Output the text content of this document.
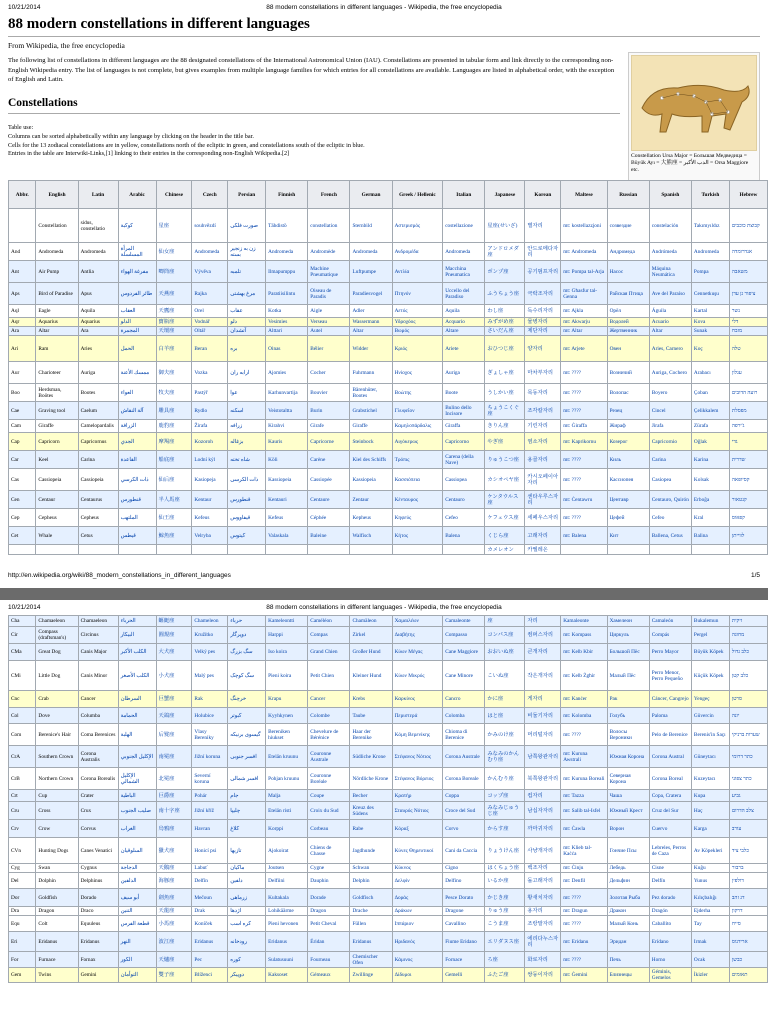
10/21/2014	88 modern constellations in different languages - Wikipedia, the free encyclopedia
88 modern constellations in different languages
From Wikipedia, the free encyclopedia

The following list of constellations in different languages are the 88 designated constellations of the International Astronomical Union (IAU). Constellations are presented in tabular form and link directly to the corresponding non-English Wikipedia entry. The list of languages is not complete, but gives examples from multiple language families for which entries for all constellations are available. Languages are listed in alphabetical order, with the exception of English and Latin.

Constellations
Table use:
Columns can be sorted alphabetically within any language by clicking on the header in the title bar.
Cells for the 13 zodiacal constellations are in yellow, constellations north of the ecliptic in green, and constellations south of the ecliptic in blue.
Entries in the table are Interwiki-Links,[1] linking to their entries in the corresponding non-English Wikipedia.[2]	Constellation Ursa Major = Большая Медведица = Büyük Ayı = 大熊座 = الدب الأكبر = Orsa Maggiore etc.
Abbr.	English	Latin	Arabic	Chinese	Czech	Persian	Finnish	French	German	Greek / Hellenic	Italian	Japanese	Korean	Maltese	Russian	Spanish	Turkish	Hebrew
	Constellation	sidus, constellatio	كوكبة	星座	souhvězdí	صورت فلکی	Tähdistö	constellation	Sternbild	Αστερισμός	costellazione	星座(せいざ)	별자리	mt: kostellazzjoni	созвездие	constelación	Takımyıldız	קבוצת כוכבים
And	Andromeda	Andromeda	المرأة المسلسلة	仙女座	Andromeda	زن به زنجير بسته	Andromeda	Andromède	Andromeda	Ανδρομέδα	Andromeda	アンドロメダ座	안드로메다자리	mt: Andromeda	Андромеда	Andrómeda	Andromeda	אנדרומדה
Ant	Air Pump	Antlia	مفرغة الهواء	唧筒座	Vývěva	تلمبه	Ilmapumppu	Machine Pneumatique	Luftpumpe	Αντλία	Macchina Pneumatica	ポンプ座	공기펌프자리	mt: Pompa tal-Arja	Насос	Máquina Neumática	Pompa	משאבה
Aps	Bird of Paradise	Apus	طائر الفردوس	天燕座	Rajka	مرغ بهشتی	Paratiisilintu	Oiseau de Paradis	Paradiesvogel	Πτηνόν	Uccello del Paradiso	ふうちょう座	극락조자리	mt: Għasfur tal-Genna	Райская Птица	Ave del Paraíso	Cennetkuşu	ציפור גן עדן
Aql	Eagle	Aquila	العقاب	天鷹座	Orel	عقاب	Kotka	Aigle	Adler	Αετός	Aquila	わし座	독수리자리	mt: Ajkla	Орёл	Águila	Kartal	נשר
Aqr	Aquarius	Aquarius	الدلو	寶瓶座	Vodnář	دلو	Vesimies	Verseau	Wassermann	Υδροχόος	Acquario	みずがめ座	물병자리	mt: Akwarju	Водолей	Acuario	Kova	דלי
Ara	Altar	Ara	المجمرة	天壇座	Oltář	آتشدان	Alttari	Autel	Altar	Βωμός	Altare	さいだん座	제단자리	mt: Altar	Жертвенник	Altar	Sunak	מזבח
Ari	Ram	Aries	الحمل	白羊座	Beran	بره	Oinas	Bélier	Widder	Κριός	Ariete	おひつじ座	양자리	mt: Arjete	Овен	Aries, Carnero	Koç	טלה
Aur	Charioteer	Auriga	ممسك الأعنة	御夫座	Vozka	ارابه ران	Ajomies	Cocher	Fuhrmann	Ηνίοχος	Auriga	ぎょしゃ座	마차부자리	mt: ????	Возничий	Auriga, Cochero	Arabacı	עגלון
Boo	Herdsman, Boötes	Bootes	العواء	牧夫座	Pastýř	عوا	Karhunvartija	Bouvier	Bärenhüter, Bootes	Βοώτης	Boote	うしかい座	목동자리	mt: ????	Волопас	Boyero	Çoban	רועה הדובים
Cae	Graving tool	Caelum	آلة النقاش	雕具座	Rydlo	اسکنه	Veistotaltta	Burin	Grabstichel	Γλυφεῖον	Bulino dello Incisore	ちょうこくぐ座	조각칼자리	mt: ????	Резец	Cincel	Çelikkalem	מפסלת
Cam	Giraffe	Camelopardalis	الزرافة	鹿豹座	Žirafa	زرافه	Kirahvi	Girafe	Giraffe	Καμηλοπάρδαλις	Giraffa	きりん座	기린자리	mt: Ġiraffa	Жираф	Jirafa	Zürafa	ג'ירפה
Cap	Capricorn	Capricornus	الجدي	摩羯座	Kozoroh	بزغاله	Kauris	Capricorne	Steinbock	Αιγόκερως	Capricorno	やぎ座	염소자리	mt: Kaprikornu	Козерог	Capricornio	Oğlak	גדי
Car	Keel	Carina	القاعدة	船底座	Lodní kýl	شاه تخته	Köli	Carène	Kiel des Schiffs	Τρόπις	Carena (della Nave)	りゅうこつ座	용골자리	mt: ????	Киль	Carina	Karina	שדרית
Cas	Cassiopeia	Cassiopeia	ذات الكرسي	仙后座	Kasiopeja	ذات الکرسی	Kassiopeia	Cassiopée	Kassiopeia	Κασσιόπεια	Cassiopea	カシオペヤ座	카시오페이아자리	mt: ????	Кассиопея	Casiopea	Kolsak	קסיופאה
Cen	Centaur	Centaurus	قنطورس	半人馬座	Kentaur	قنطورس	Kentauri	Centaure	Zentaur	Κένταυρος	Centauro	ケンタウルス座	센타우루스자리	mt: Ċentawru	Центавр	Centauro, Quirón	Erboğa	קנטאור
Cep	Cepheus	Cepheus	الملتهب	仙王座	Kefeus	قیفاووس	Kefeus	Céphée	Kepheus	Κηφεύς	Cefeo	ケフェウス座	세페우스자리	mt: ????	Цефей	Cefeo	Kral	קפאוס
Cet	Whale	Cetus	قيطس	鯨魚座	Velryba	کیتوس	Valaskala	Baleine	Walfisch	Κήτος	Balena	くじら座	고래자리	mt: Balena	Кит	Ballena, Cetus	Balina	לווייתן
												カメレオン	카멜레온					
http://en.wikipedia.org/wiki/88_modern_constellations_in_different_languages	1/5
10/21/2014	88 modern constellations in different languages - Wikipedia, the free encyclopedia
Cha	Chamaeleon	Chamaeleon	الحرباء	蝘蜓座	Chameleon	حرباء	Kameleontti	Caméléon	Chamäleon	Χαμαιλέων	Camaleonte	座	자리	Kamaleonte	Хамелеон	Camaleón	Bukalemun	זיקית
Cir	Compass (draftsman's)	Circinus	البيكار	圓規座	Kružítko	دوپرگار	Harppi	Compas	Zirkel	Διαβήτης	Compasso	コンパス座	컴퍼스자리	mt: Kompass	Циркуль	Compás	Pergel	מחוגה
CMa	Great Dog	Canis Major	الكلب الأكبر	大犬座	Velký pes	سگ بزرگ	Iso koira	Grand Chien	Großer Hund	Κύων Μέγας	Cane Maggiore	おおいぬ座	큰개자리	mt: Kelb Kbir	Большой Пёс	Perro Mayor	Büyük Köpek	כלב גדול
CMi	Little Dog	Canis Minor	الكلب الأصغر	小犬座	Malý pes	سگ کوچک	Pieni koira	Petit Chien	Kleiner Hund	Κύων Μικρός	Cane Minore	こいぬ座	작은개자리	mt: Kelb Żgħir	Малый Пёс	Perro Menor, Perro Pequeño	Küçük Köpek	כלב קטן
Cnc	Crab	Cancer	السرطان	巨蟹座	Rak	خرچنگ	Krapu	Cancer	Krebs	Καρκίνος	Cancro	かに座	게자리	mt: Kanċer	Рак	Cáncer, Cangrejo	Yengeç	סרטן
Col	Dove	Columba	الحمامة	天鴿座	Holubice	کبوتر	Kyyhkynen	Colombe	Taube	Περιστερά	Colomba	はと座	비둘기자리	mt: Kolomba	Голубь	Paloma	Güvercin	יונה
Com	Berenice's Hair	Coma Berenices	الهلبة	后髮座	Vlasy Bereniky	گیسوی برنیکه	Bereniken hiukset	Chevelure de Bérénice	Haar der Berenike	Κόμη Βερενίκης	Chioma di Berenice	かみのけ座	머리털자리	mt: ????	Волосы Вероники	Pelo de Berenice	Berenis'in Saçı	שערות ברניקי
CrA	Southern Crown	Corona Australis	الإكليل الجنوبي	南冕座	Jižní koruna	افسر جنوبی	Etelän kruunu	Couronne Australe	Südliche Krone	Στέφανος Νότιος	Corona Australe	みなみのかんむり座	남쪽왕관자리	mt: Kuruna Awstrali	Южная Корона	Corona Austral	Güneytacı	כתר דרומי
CrB	Northern Crown	Corona Borealis	الإكليل الشمالي	北冕座	Severní koruna	افسر شمالی	Pohjan kruunu	Couronne Boréale	Nördliche Krone	Στέφανος Βόρειος	Corona Boreale	かんむり座	북쪽왕관자리	mt: Kuruna Boreali	Северная Корона	Corona Boreal	Kuzeytacı	כתר צפוני
Crt	Cup	Crater	الباطية	巨爵座	Pohár	جام	Malja	Coupe	Becher	Κρατήρ	Coppa	コップ座	컵자리	mt: Tazza	Чаша	Copa, Cratera	Kupa	גביע
Cru	Cross	Crux	صليب الجنوب	南十字座	Jižní kříž	چلیپا	Etelän risti	Croix du Sud	Kreuz des Südens	Σταυρός Νότιος	Croce del Sud	みなみじゅうじ座	남십자자리	mt: Salib tal-Isfel	Южный Крест	Cruz del Sur	Haç	צלב הדרום
Crv	Crow	Corvus	الغراب	烏鴉座	Havran	کلاغ	Korppi	Corbeau	Rabe	Κόραξ	Corvo	からす座	까마귀자리	mt: Ċawla	Ворон	Cuervo	Karga	עורב
CVn	Hunting Dogs	Canes Venatici	السلوقيان	獵犬座	Honicí psi	تازیها	Ajokoirat	Chiens de Chasse	Jagdhunde	Κύνες Θηρευτικοί	Cani da Caccia	りょうけん座	사냥개자리	mt: Klieb tal-Kaċċa	Гончие Псы	Lebreles, Perros de Caza	Av Köpekleri	כלבי ציד
Cyg	Swan	Cygnus	الدجاجة	天鵝座	Labuť	ماکیان	Joutsen	Cygne	Schwan	Κύκνος	Cigno	はくちょう座	백조자리	mt: Ċinju	Лебедь	Cisne	Kuğu	ברבור
Del	Dolphin	Delphinus	الدلفين	海豚座	Delfín	دلفین	Delfiini	Dauphin	Delphin	Δελφίν	Delfino	いるか座	돌고래자리	mt: Denfil	Дельфин	Delfín	Yunus	דולפין
Dor	Goldfish	Dorado	أبو سيف	劍魚座	Mečoun	زرماهی	Kultakala	Dorade	Goldfisch	Δοράς	Pesce Dorato	かじき座	황새치자리	mt: ????	Золотая Рыба	Pez dorado	Kılıçbalığı	דג זהב
Dra	Dragon	Draco	التنين	天龍座	Drak	اژدها	Lohikäärme	Dragon	Drache	Δράκων	Dragone	りゅう座	용자리	mt: Dragun	Дракон	Dragón	Ejderha	דרקון
Equ	Colt	Equuleus	قطعة الفرس	小馬座	Koníček	کره اسب	Pieni hevonen	Petit Cheval	Füllen	Ιππάριον	Cavallino	こうま座	조랑말자리	mt: ????	Малый Конь	Caballito	Tay	סייח
Eri	Eridanus	Eridanus	النهر	波江座	Eridanus	رودخانه	Eridanus	Éridan	Eridanus	Ηριδανός	Fiume Eridano	エリダヌス座	에리다누스자리	mt: Eridanu	Эридан	Erídano	Irmak	ארידנוס
For	Furnace	Fornax	الكور	天爐座	Pec	کوره	Sulatusuuni	Fourneau	Chemischer Ofen	Κάμινος	Fornace	ろ座	화로자리	mt: ????	Печь	Horno	Ocak	כבשן
Gem	Twins	Gemini	التوأمان	雙子座	Blíženci	دوپیکر	Kaksoset	Gémeaux	Zwillinge	Δίδυμοι	Gemelli	ふたご座	쌍둥이자리	mt: Ġemini	Близнецы	Géminis, Gemelos	İkizler	תאומים
